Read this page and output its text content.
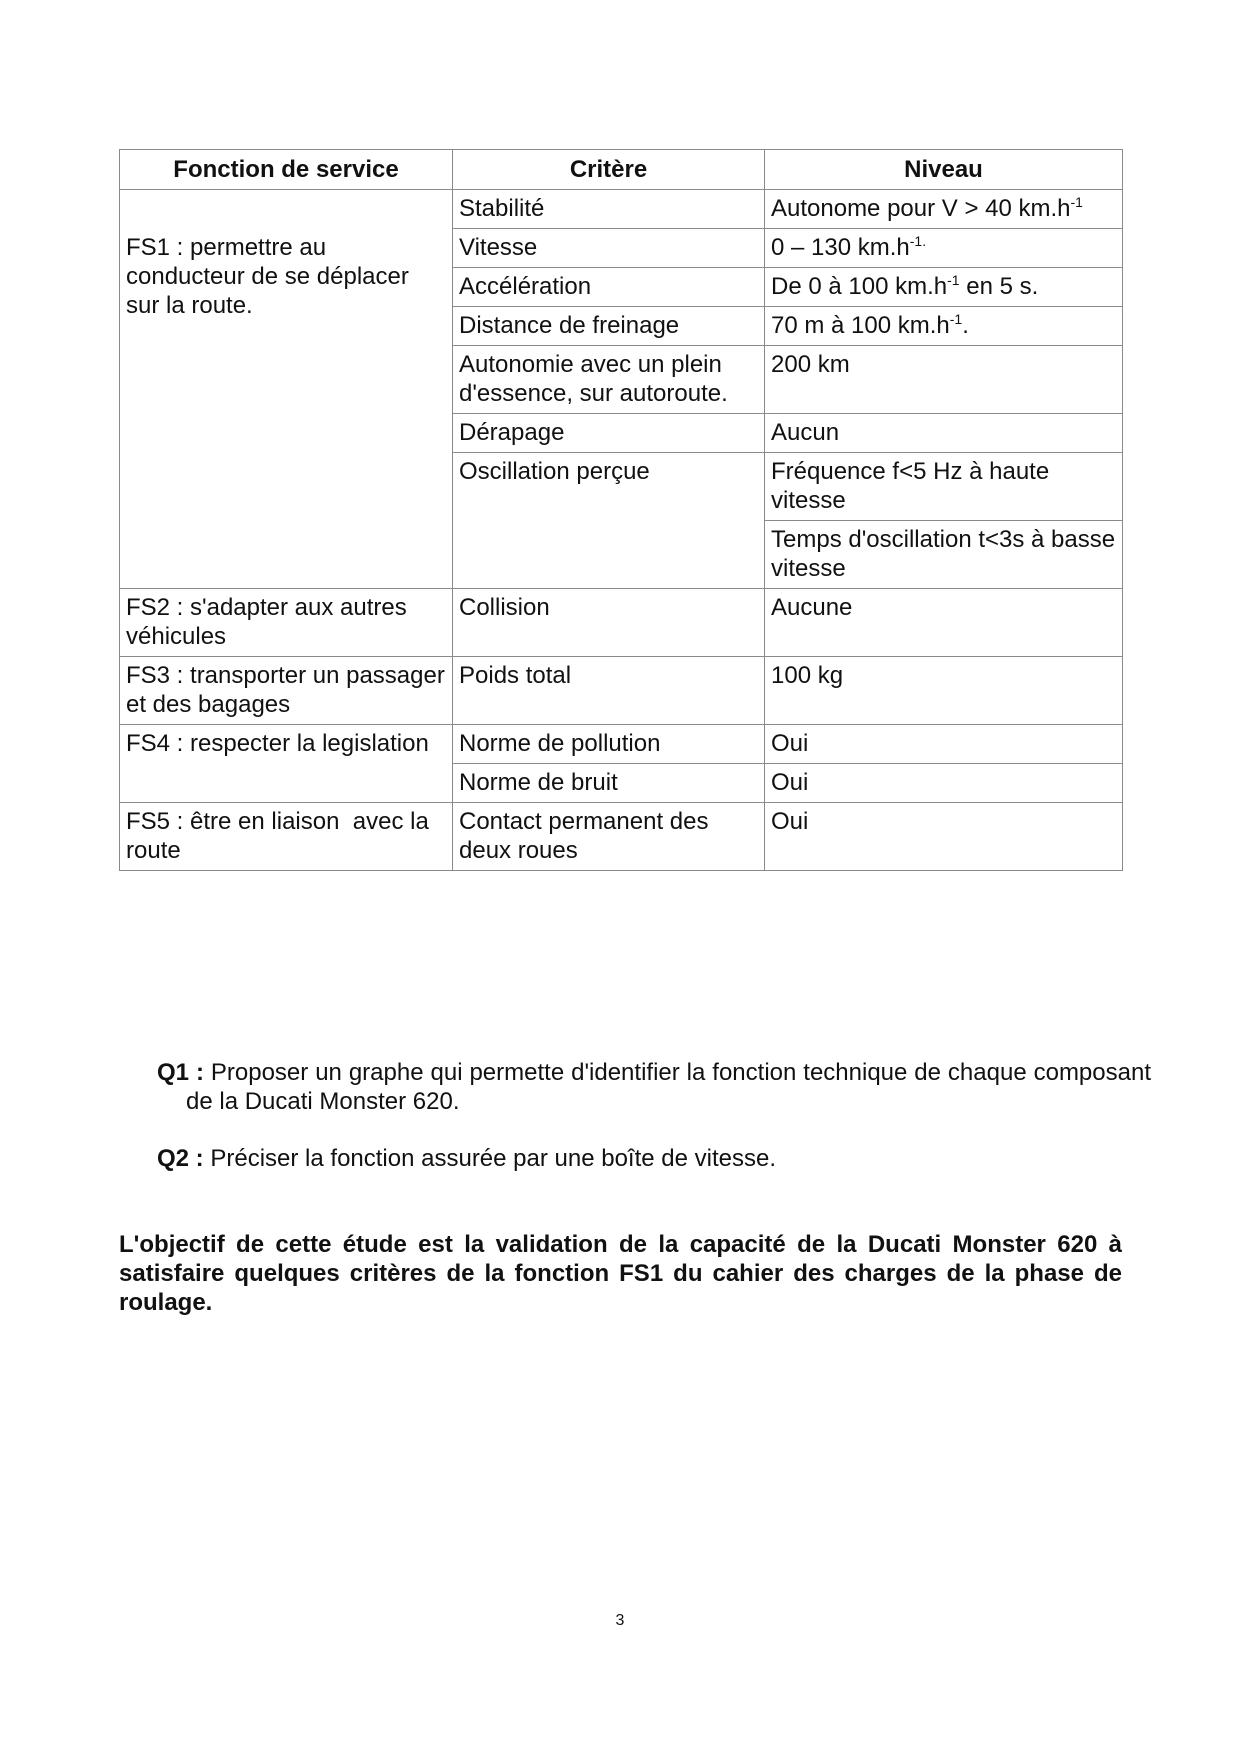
Fonction de service	Critère	Niveau
FS1 : permettre au conducteur de se déplacer sur la route.	Stabilité	Autonome pour V > 40 $km.h^{-1}$
	Vitesse	0 – 130 $km.h^{-1.}$
	Accélération	De 0 à 100 $km.h^{-1}$ en 5 s.
	Distance de freinage	70 m à 100 $km.h^{-1}$.
	Autonomie avec un plein d'essence, sur autoroute.	200 km
	Dérapage	Aucun
	Oscillation perçue	Fréquence f<5 Hz à haute vitesse
		Temps d'oscillation t<3s à basse vitesse
FS2 : s'adapter aux autres véhicules	Collision	Aucune
FS3 : transporter un passager et des bagages	Poids total	100 kg
FS4 : respecter la legislation	Norme de pollution	Oui
	Norme de bruit	Oui
FS5 : être en liaison  avec la route	Contact permanent des deux roues	Oui
Q1 : Proposer un graphe qui permette d'identifier la fonction technique de chaque composant de la Ducati Monster 620.
Q2 : Préciser la fonction assurée par une boîte de vitesse.
L'objectif de cette étude est la validation de la capacité de la Ducati Monster 620 à satisfaire quelques critères de la fonction FS1 du cahier des charges de la phase de roulage.
3
